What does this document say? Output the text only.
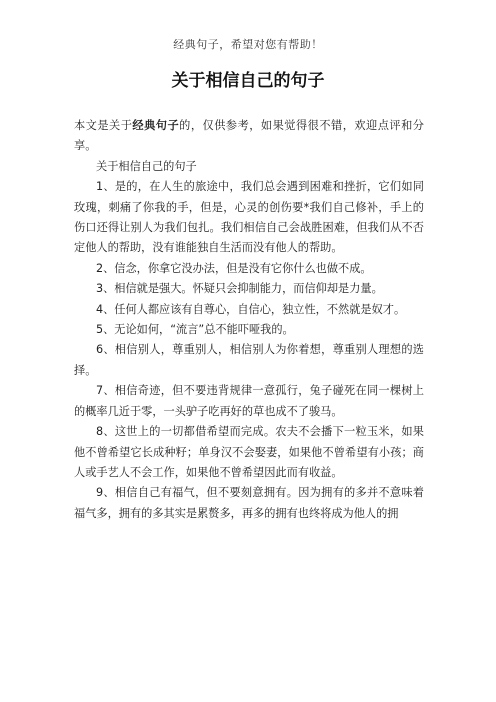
经典句子，希望对您有帮助！
关于相信自己的句子

本文是关于经典句子的，仅供参考，如果觉得很不错，欢迎点评和分享。

关于相信自己的句子

1、是的，在人生的旅途中，我们总会遇到困难和挫折，它们如同玫瑰，刺痛了你我的手，但是，心灵的创伤要*我们自己修补，手上的伤口还得让别人为我们包扎。我们相信自己会战胜困难，但我们从不否定他人的帮助，没有谁能独自生活而没有他人的帮助。

2、信念，你拿它没办法，但是没有它你什么也做不成。

3、相信就是强大。怀疑只会抑制能力，而信仰却是力量。

4、任何人都应该有自尊心，自信心，独立性，不然就是奴才。

5、无论如何，“流言”总不能吓哑我的。

6、相信别人，尊重别人，相信别人为你着想，尊重别人理想的选择。

7、相信奇迹，但不要违背规律一意孤行，兔子碰死在同一棵树上的概率几近于零，一头驴子吃再好的草也成不了骏马。

8、这世上的一切都借希望而完成。农夫不会播下一粒玉米，如果他不曾希望它长成种籽；单身汉不会娶妻，如果他不曾希望有小孩；商人或手艺人不会工作，如果他不曾希望因此而有收益。

9、相信自己有福气，但不要刻意拥有。因为拥有的多并不意味着福气多，拥有的多其实是累赘多，再多的拥有也终将成为他人的拥
